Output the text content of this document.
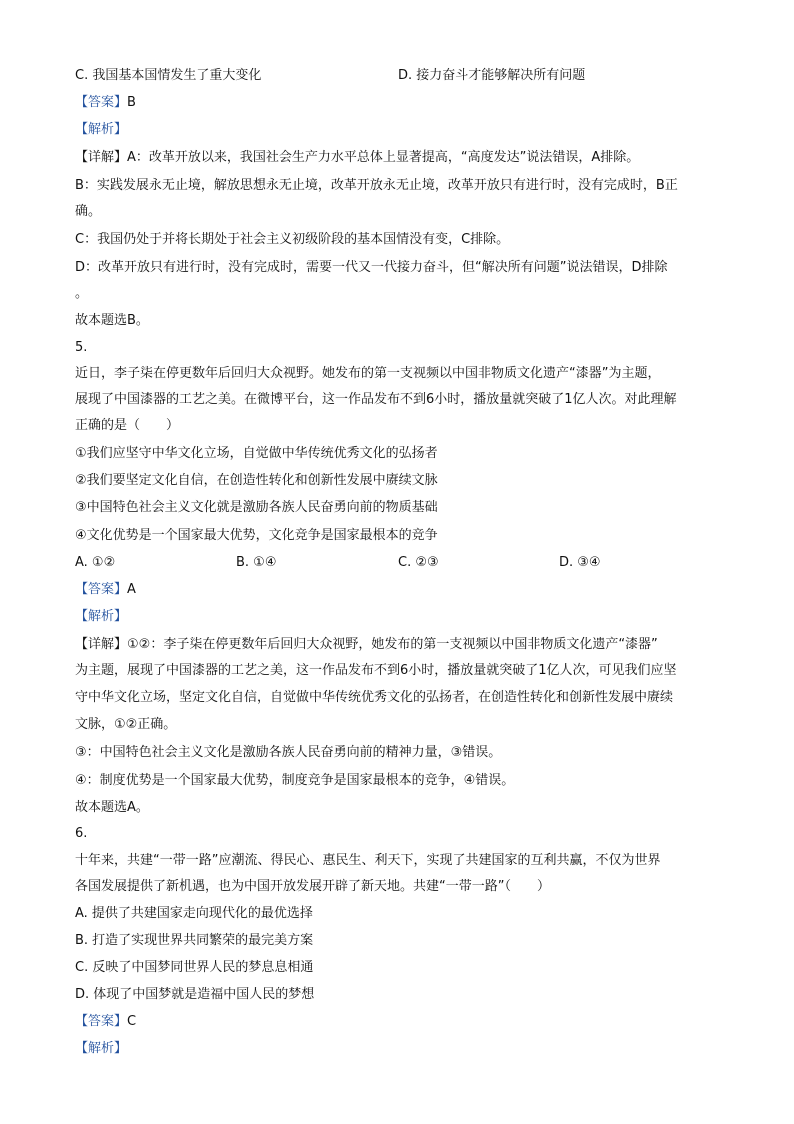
C. 我国基本国情发生了重大变化	D. 接力奋斗才能够解决所有问题
【答案】B
【解析】
【详解】A：改革开放以来，我国社会生产力水平总体上显著提高，“高度发达”说法错误，A排除。
B：实践发展永无止境，解放思想永无止境，改革开放永无止境，改革开放只有进行时，没有完成时，B正
确。
C：我国仍处于并将长期处于社会主义初级阶段的基本国情没有变，C排除。
D：改革开放只有进行时，没有完成时，需要一代又一代接力奋斗，但“解决所有问题”说法错误，D排除
。
故本题选B。
5.
近日，李子柒在停更数年后回归大众视野。她发布的第一支视频以中国非物质文化遗产“漆器”为主题，
展现了中国漆器的工艺之美。在微博平台，这一作品发布不到6小时，播放量就突破了1亿人次。对此理解
正确的是（　　）
①我们应坚守中华文化立场，自觉做中华传统优秀文化的弘扬者
②我们要坚定文化自信，在创造性转化和创新性发展中赓续文脉
③中国特色社会主义文化就是激励各族人民奋勇向前的物质基础
④文化优势是一个国家最大优势，文化竞争是国家最根本的竞争
A. ①②	B. ①④	C. ②③	D. ③④
【答案】A
【解析】
【详解】①②：李子柒在停更数年后回归大众视野，她发布的第一支视频以中国非物质文化遗产“漆器”
为主题，展现了中国漆器的工艺之美，这一作品发布不到6小时，播放量就突破了1亿人次，可见我们应坚
守中华文化立场，坚定文化自信，自觉做中华传统优秀文化的弘扬者，在创造性转化和创新性发展中赓续
文脉，①②正确。
③：中国特色社会主义文化是激励各族人民奋勇向前的精神力量，③错误。
④：制度优势是一个国家最大优势，制度竞争是国家最根本的竞争，④错误。
故本题选A。
6.
十年来，共建“一带一路”应潮流、得民心、惠民生、利天下，实现了共建国家的互利共赢，不仅为世界
各国发展提供了新机遇，也为中国开放发展开辟了新天地。共建“一带一路”（　　）
A. 提供了共建国家走向现代化的最优选择
B. 打造了实现世界共同繁荣的最完美方案
C. 反映了中国梦同世界人民的梦息息相通
D. 体现了中国梦就是造福中国人民的梦想
【答案】C
【解析】
